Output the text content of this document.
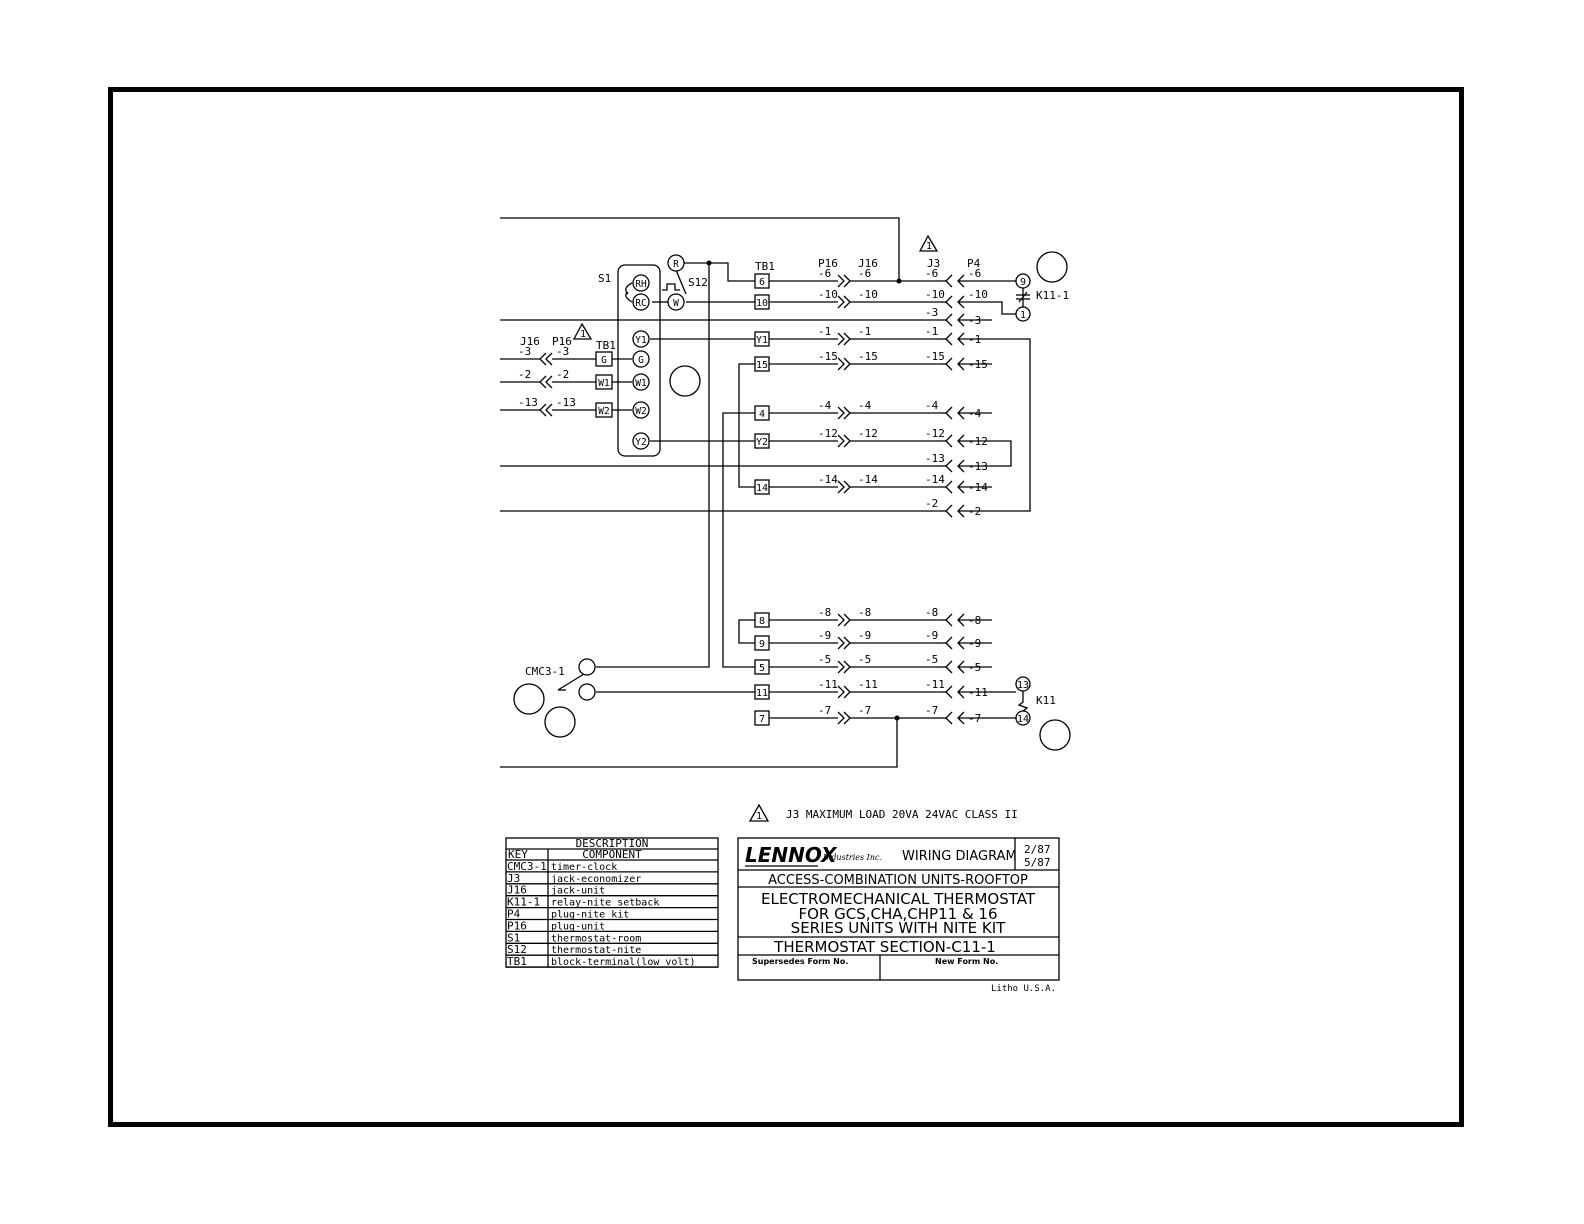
1
1
1 J3 MAXIMUM LOAD 20VA 24VAC CLASS II
S1	S12
TB1	P16 J16	J3 P4
J16 P16 TB1
CMC3-1
K11-1
K11
9
1
13
14
6
-6 -6	-6	-6
10
-10 -10	-10 -10
-3
-3
Y1
-1 -1	-1
-1
15
-15 -15	-15
-15
4
-4 -4	-4
-4
Y2
-12 -12	-12
-12
-13
-13
14
-14 -14	-14
-14
-2
-2
8
-8 -8	-8
-8
9
-9 -9	-9
-9
5
-5 -5	-5
-5
11
-11 -11	-11
-11
7
-7 -7	-7
-7
RH
RC
Y1
G
W1
W2
Y2
R
W
G
-3 -3
W1
-2 -2
W2
-13 -13
DESCRIPTION
KEY	COMPONENT
CMC3-1 timer-clock
J3	jack-economizer
J16 jack-unit
K11-1 relay-nite setback
P4	plug-nite kit
P16 plug-unit
S1	thermostat-room
S12 thermostat-nite
TB1 block-terminal(low volt)
LENNOX
Industries Inc. WIRING DIAGRAM 2/87
5/87
ACCESS-COMBINATION UNITS-ROOFTOP
ELECTROMECHANICAL THERMOSTAT
FOR GCS,CHA,CHP11 & 16
SERIES UNITS WITH NITE KIT
THERMOSTAT SECTION-C11-1
Supersedes Form No.	New Form No.
Litho U.S.A.
